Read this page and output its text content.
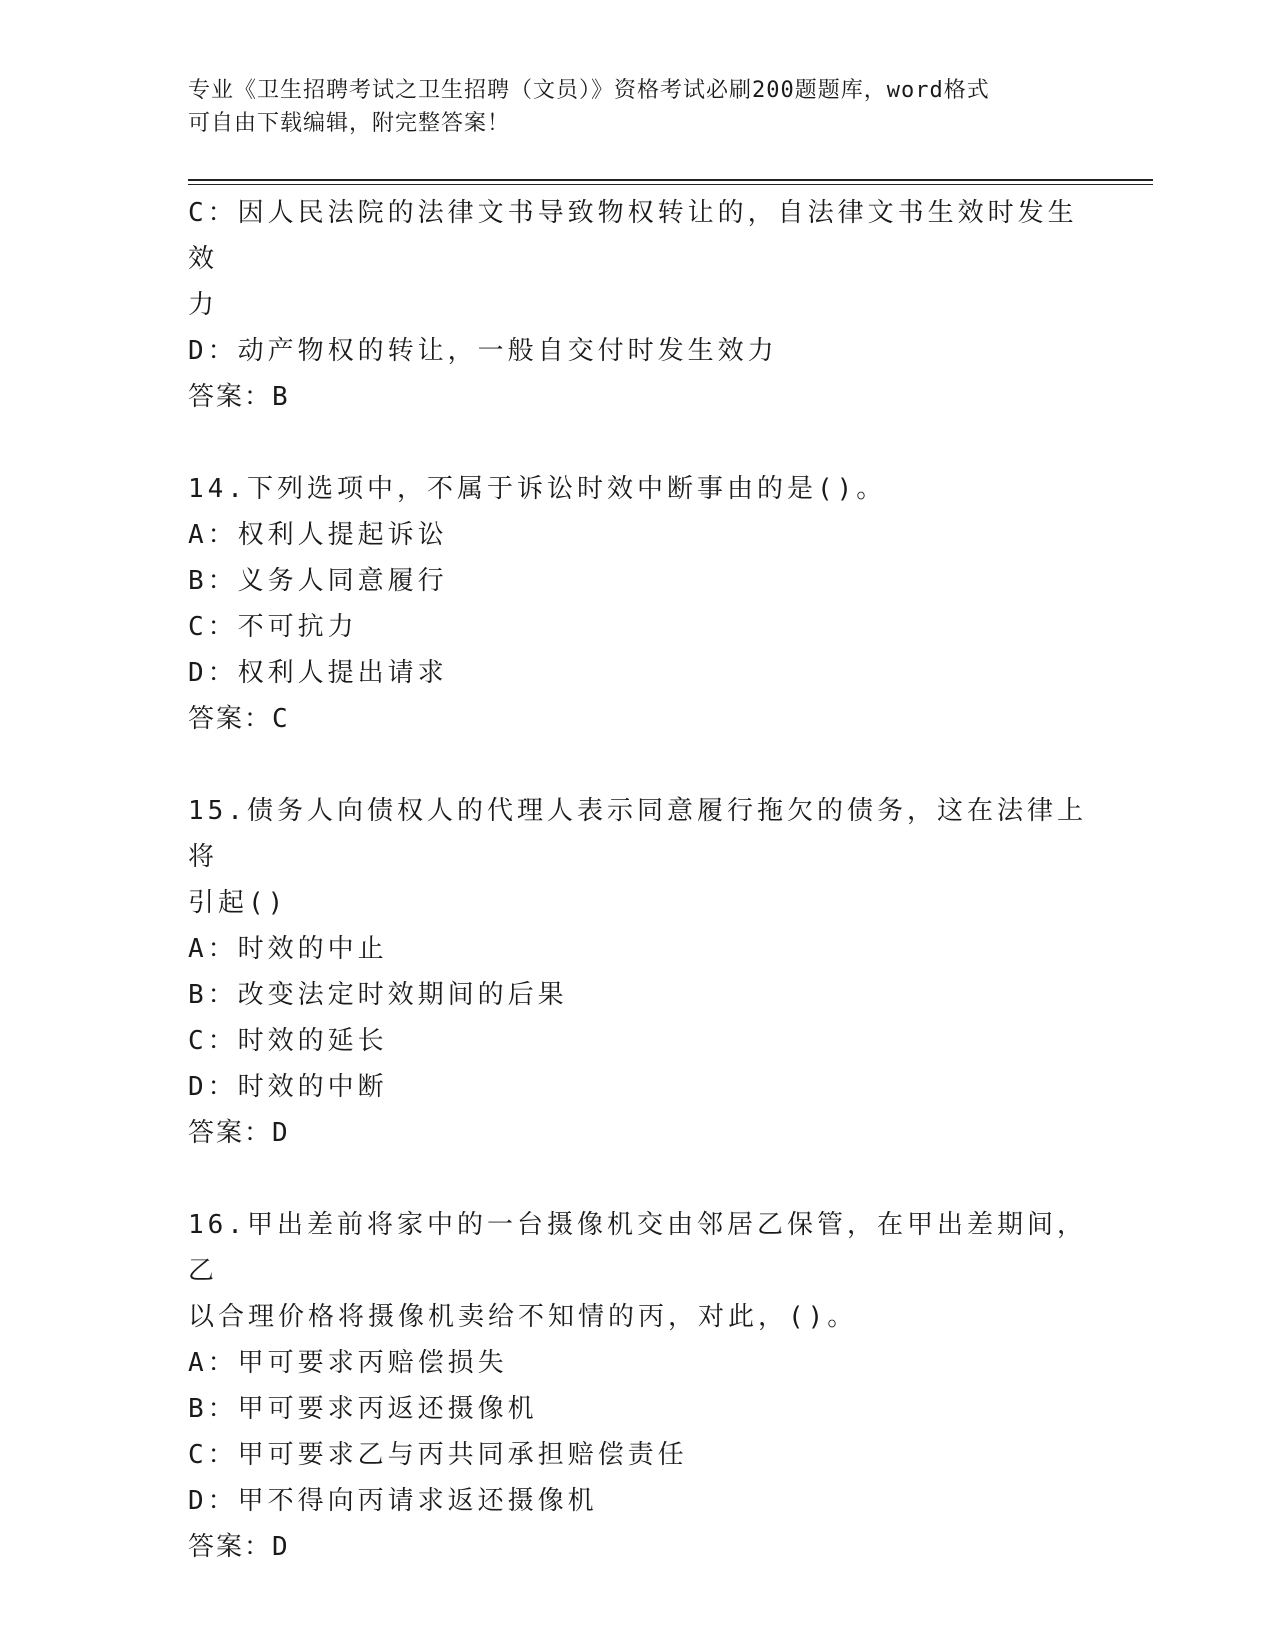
专业《卫生招聘考试之卫生招聘（文员）》资格考试必刷200题题库，word格式
可自由下载编辑，附完整答案！

C：因人民法院的法律文书导致物权转让的，自法律文书生效时发生效

力

D：动产物权的转让，一般自交付时发生效力

答案：B

14.下列选项中，不属于诉讼时效中断事由的是()。

A：权利人提起诉讼

B：义务人同意履行

C：不可抗力

D：权利人提出请求

答案：C

15.债务人向债权人的代理人表示同意履行拖欠的债务，这在法律上将

引起()

A：时效的中止

B：改变法定时效期间的后果

C：时效的延长

D：时效的中断

答案：D

16.甲出差前将家中的一台摄像机交由邻居乙保管，在甲出差期间，乙

以合理价格将摄像机卖给不知情的丙，对此，()。

A：甲可要求丙赔偿损失

B：甲可要求丙返还摄像机

C：甲可要求乙与丙共同承担赔偿责任

D：甲不得向丙请求返还摄像机

答案：D
